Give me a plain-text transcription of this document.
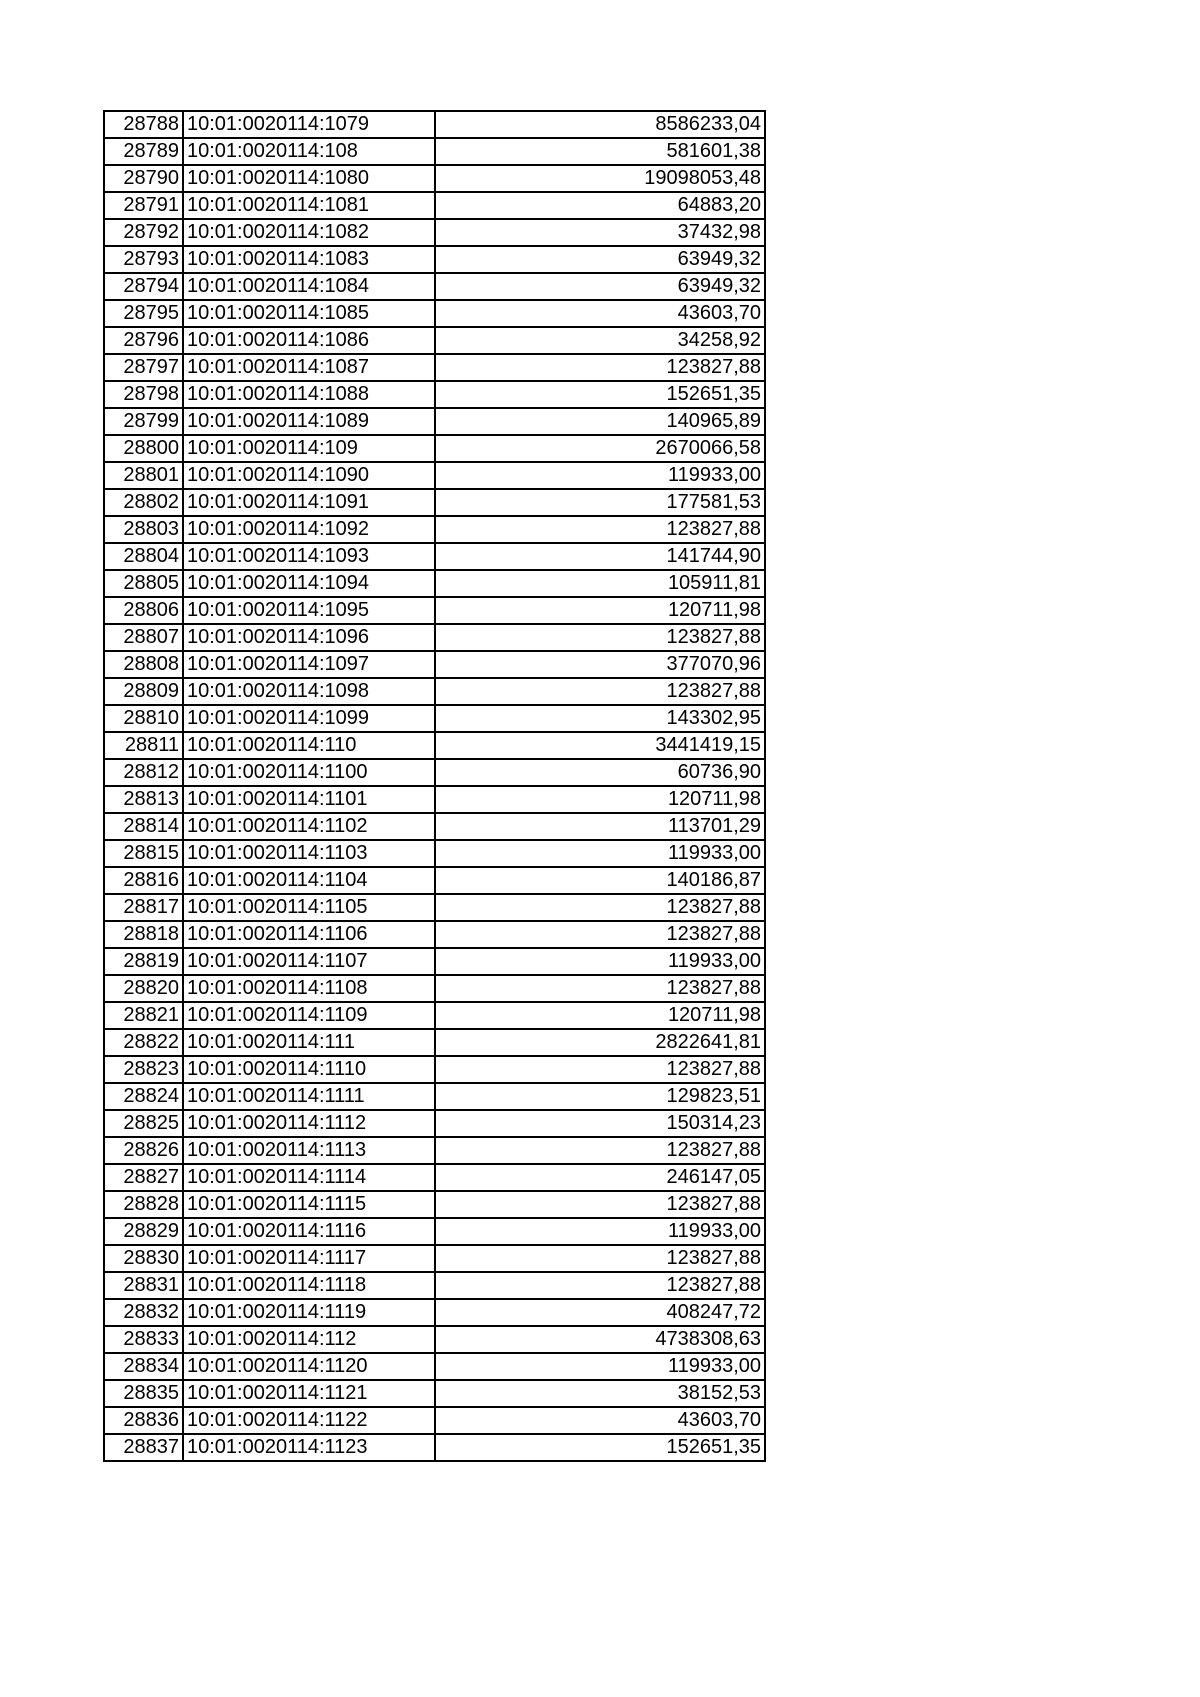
28788	10:01:0020114:1079	8586233,04
28789	10:01:0020114:108	581601,38
28790	10:01:0020114:1080	19098053,48
28791	10:01:0020114:1081	64883,20
28792	10:01:0020114:1082	37432,98
28793	10:01:0020114:1083	63949,32
28794	10:01:0020114:1084	63949,32
28795	10:01:0020114:1085	43603,70
28796	10:01:0020114:1086	34258,92
28797	10:01:0020114:1087	123827,88
28798	10:01:0020114:1088	152651,35
28799	10:01:0020114:1089	140965,89
28800	10:01:0020114:109	2670066,58
28801	10:01:0020114:1090	119933,00
28802	10:01:0020114:1091	177581,53
28803	10:01:0020114:1092	123827,88
28804	10:01:0020114:1093	141744,90
28805	10:01:0020114:1094	105911,81
28806	10:01:0020114:1095	120711,98
28807	10:01:0020114:1096	123827,88
28808	10:01:0020114:1097	377070,96
28809	10:01:0020114:1098	123827,88
28810	10:01:0020114:1099	143302,95
28811	10:01:0020114:110	3441419,15
28812	10:01:0020114:1100	60736,90
28813	10:01:0020114:1101	120711,98
28814	10:01:0020114:1102	113701,29
28815	10:01:0020114:1103	119933,00
28816	10:01:0020114:1104	140186,87
28817	10:01:0020114:1105	123827,88
28818	10:01:0020114:1106	123827,88
28819	10:01:0020114:1107	119933,00
28820	10:01:0020114:1108	123827,88
28821	10:01:0020114:1109	120711,98
28822	10:01:0020114:111	2822641,81
28823	10:01:0020114:1110	123827,88
28824	10:01:0020114:1111	129823,51
28825	10:01:0020114:1112	150314,23
28826	10:01:0020114:1113	123827,88
28827	10:01:0020114:1114	246147,05
28828	10:01:0020114:1115	123827,88
28829	10:01:0020114:1116	119933,00
28830	10:01:0020114:1117	123827,88
28831	10:01:0020114:1118	123827,88
28832	10:01:0020114:1119	408247,72
28833	10:01:0020114:112	4738308,63
28834	10:01:0020114:1120	119933,00
28835	10:01:0020114:1121	38152,53
28836	10:01:0020114:1122	43603,70
28837	10:01:0020114:1123	152651,35
